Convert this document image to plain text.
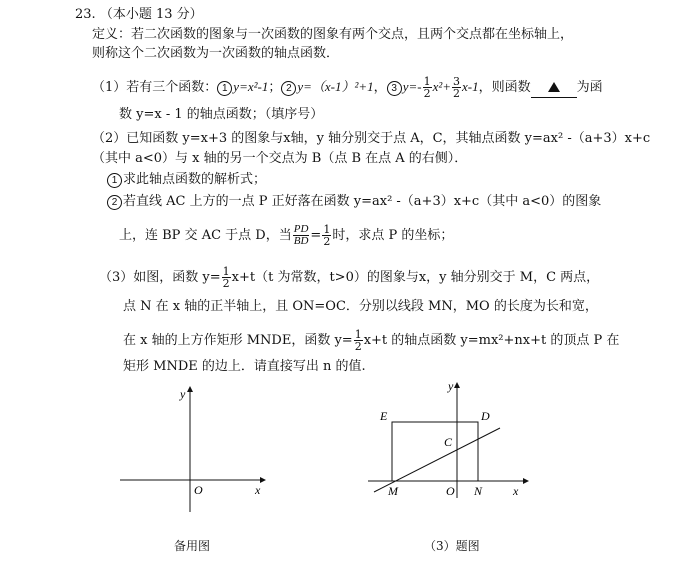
23. （本小题 13 分）
定义：若二次函数的图象与一次函数的图象有两个交点，且两个交点都在坐标轴上，
则称这个二次函数为一次函数的轴点函数．
（1）若有三个函数： 1 y=x²-1； 2 y=（x-1）²+1， 3 $y=- \frac{1}{2} x^2+ \frac{3}{2} x-1$，则函数	为函
数 y=x - 1 的轴点函数；（填序号）
（2）已知函数 y=x+3 的图象与x轴，y 轴分别交于点 A，C，其轴点函数 y=ax² -（a+3）x+c
（其中 a<0）与 x 轴的另一个交点为 B（点 B 在点 A 的右侧）．
1 求此轴点函数的解析式；
2 若直线 AC 上方的一点 P 正好落在函数 y=ax² -（a+3）x+c（其中 a<0）的图象
上，连 BP 交 AC 于点 D，当 $\frac{PD}{BD} = \frac{1}{2}$ 时，求点 P 的坐标；
（3）如图，函数 $y= \frac{1}{2} x+t(t$ 为常数，t>0）的图象与x，y 轴分别交于 M，C 两点，
点 N 在 x 轴的正半轴上，且 ON=OC．分别以线段 MN，MO 的长度为长和宽，
在 x 轴的上方作矩形 MNDE，函数 $y= \frac{1}{2} x+t$ 的轴点函数 y=mx²+nx+t 的顶点 P 在
矩形 MNDE 的边上．请直接写出 n 的值.
y
x
O
备用图
y
x
O
E	D
C
M	N
（3）题图
